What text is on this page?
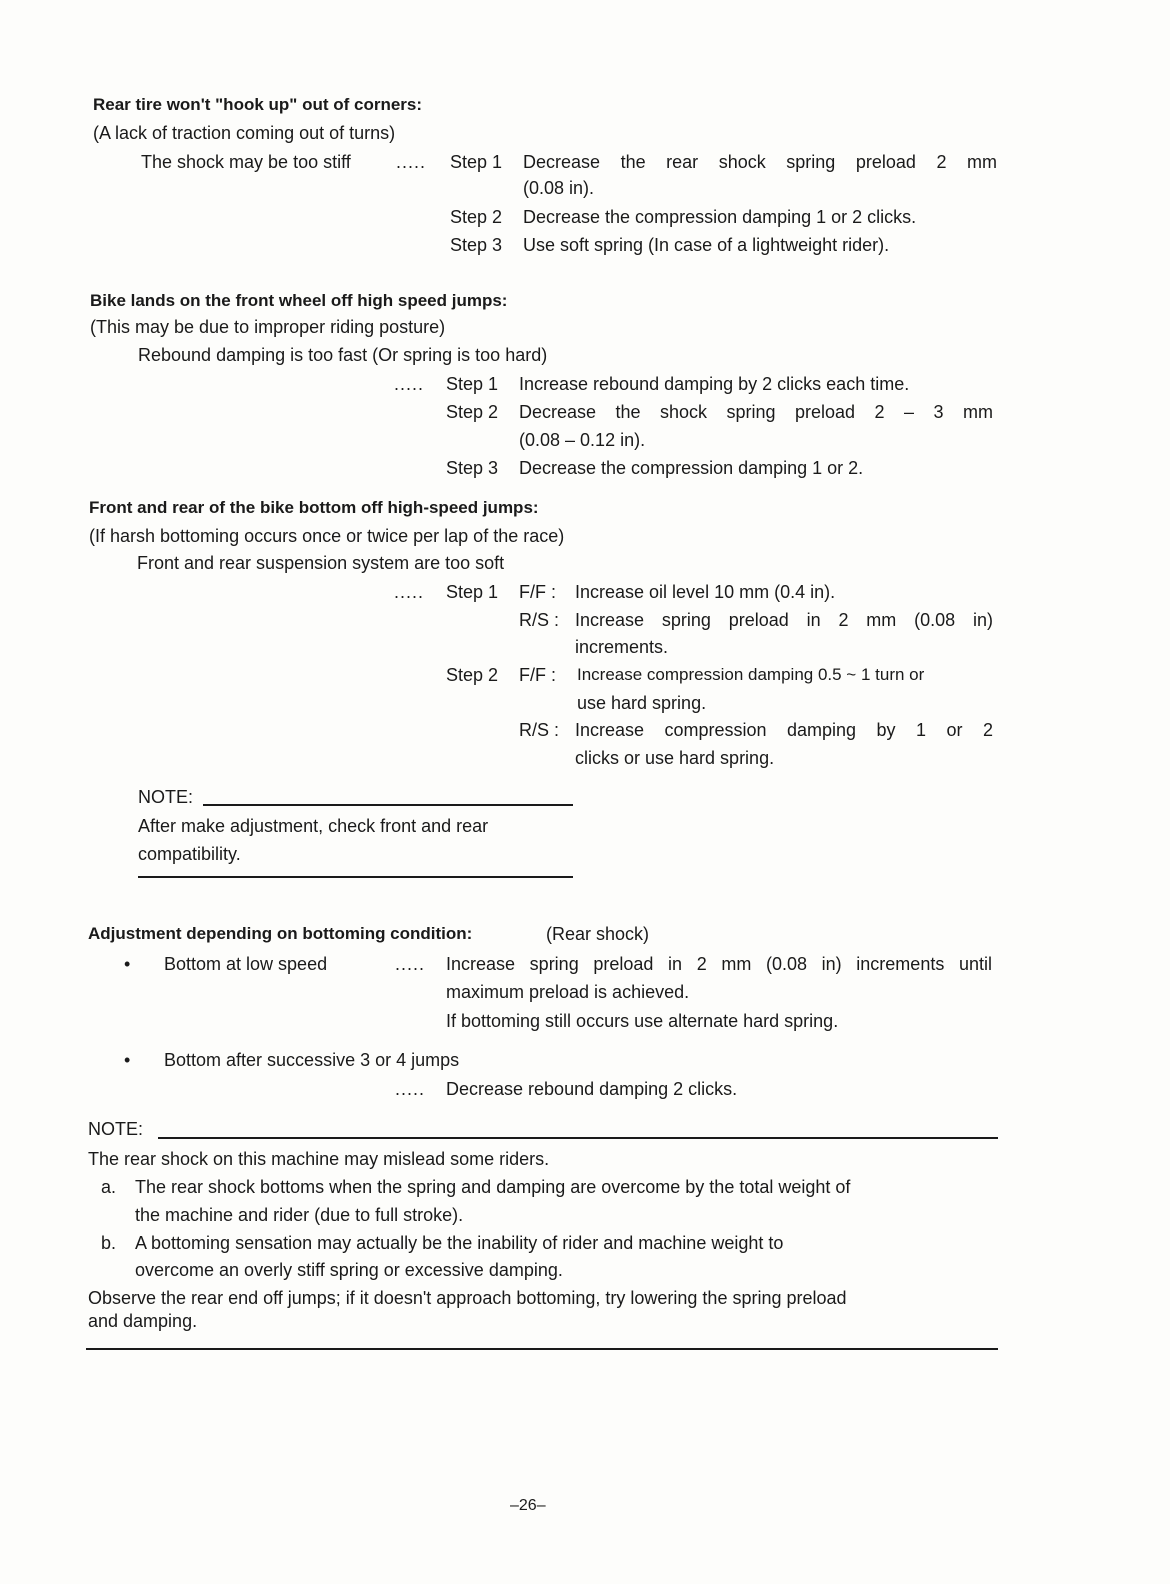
Rear tire won't "hook up" out of corners:
(A lack of traction coming out of turns)
The shock may be too stiff	..... Step 1 Decrease the rear shock spring preload 2 mm
(0.08 in).
Step 2 Decrease the compression damping 1 or 2 clicks.
Step 3 Use soft spring (In case of a lightweight rider).
Bike lands on the front wheel off high speed jumps:
(This may be due to improper riding posture)
Rebound damping is too fast (Or spring is too hard)
..... Step 1 Increase rebound damping by 2 clicks each time.
Step 2 Decrease the shock spring preload 2 – 3 mm
(0.08 – 0.12 in).
Step 3 Decrease the compression damping 1 or 2.
Front and rear of the bike bottom off high-speed jumps:
(If harsh bottoming occurs once or twice per lap of the race)
Front and rear suspension system are too soft
..... Step 1 F/F : Increase oil level 10 mm (0.4 in).
R/S : Increase spring preload in 2 mm (0.08 in)
increments.
Step 2 F/F : Increase compression damping 0.5 ~ 1 turn or
use hard spring.
R/S : Increase compression damping by 1 or 2
clicks or use hard spring.
NOTE:
After make adjustment, check front and rear
compatibility.
Adjustment depending on bottoming condition:	(Rear shock)
• Bottom at low speed	..... Increase spring preload in 2 mm (0.08 in) increments until
maximum preload is achieved.
If bottoming still occurs use alternate hard spring.
• Bottom after successive 3 or 4 jumps
..... Decrease rebound damping 2 clicks.
NOTE:
The rear shock on this machine may mislead some riders.
a. The rear shock bottoms when the spring and damping are overcome by the total weight of
the machine and rider (due to full stroke).
b. A bottoming sensation may actually be the inability of rider and machine weight to
overcome an overly stiff spring or excessive damping.
Observe the rear end off jumps; if it doesn't approach bottoming, try lowering the spring preload
and damping.
–26–
